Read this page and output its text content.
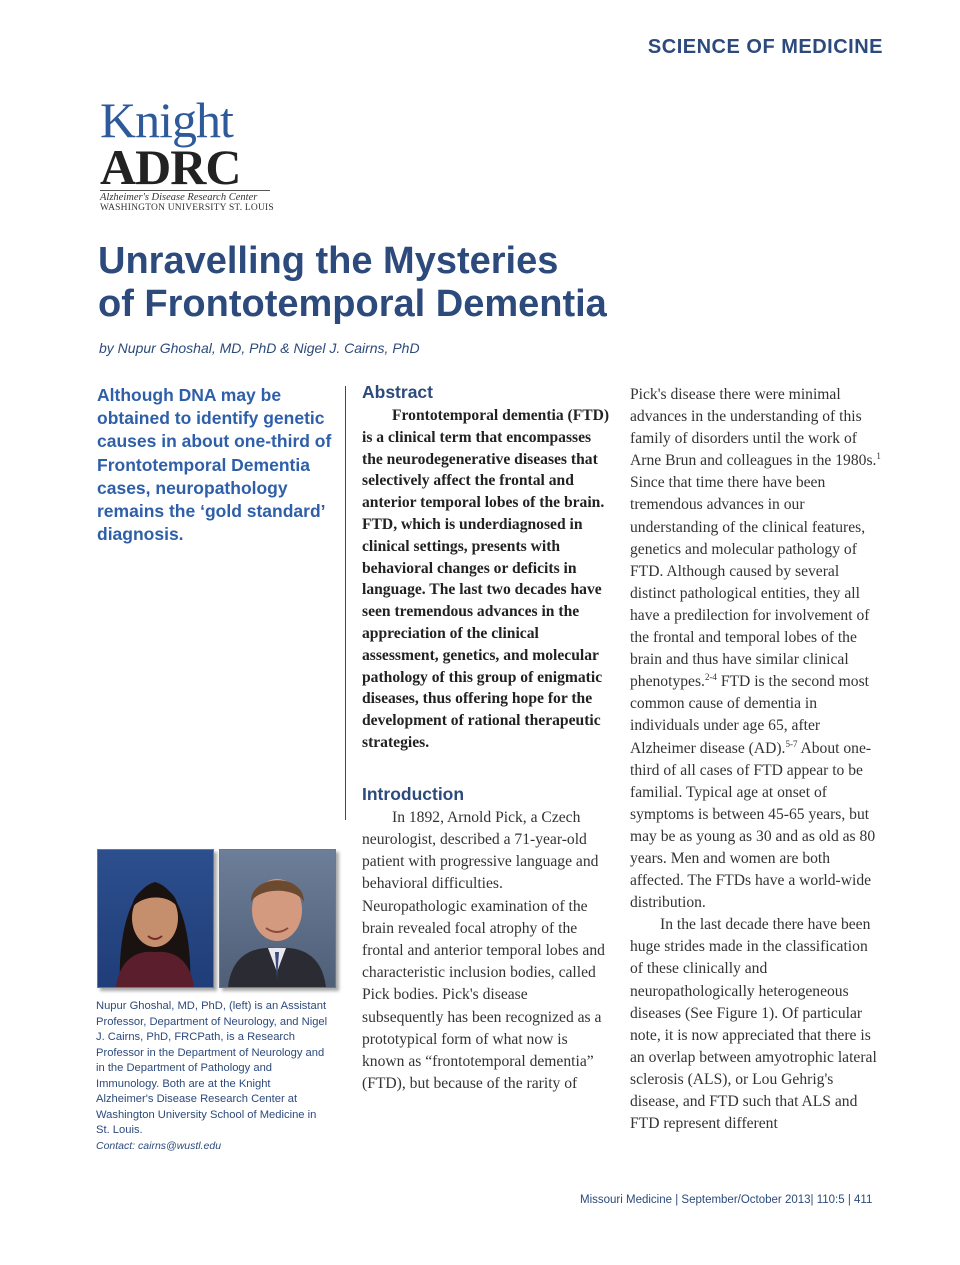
SCIENCE OF MEDICINE
Knight
ADRC
Alzheimer's Disease Research Center
WASHINGTON UNIVERSITY ST. LOUIS
Unravelling the Mysteries
of Frontotemporal Dementia
by Nupur Ghoshal, MD, PhD & Nigel J. Cairns, PhD
Although DNA may be obtained to identify genetic causes in about one-third of Frontotemporal Dementia cases, neuropathology remains the ‘gold standard’ diagnosis.
Nupur Ghoshal, MD, PhD, (left) is an Assistant Professor, Department of Neurology, and Nigel J. Cairns, PhD, FRCPath, is a Research Professor in the Department of Neurology and in the Department of Pathology and Immunology. Both are at the Knight Alzheimer's Disease Research Center at Washington University School of Medicine in St. Louis.
Contact: cairns@wustl.edu
Abstract

Frontotemporal dementia (FTD) is a clinical term that encompasses the neurodegenerative diseases that selectively affect the frontal and anterior temporal lobes of the brain. FTD, which is underdiagnosed in clinical settings, presents with behavioral changes or deficits in language. The last two decades have seen tremendous advances in the appreciation of the clinical assessment, genetics, and molecular pathology of this group of enigmatic diseases, thus offering hope for the development of rational therapeutic strategies.

Introduction

In 1892, Arnold Pick, a Czech neurologist, described a 71-year-old patient with progressive language and behavioral difficulties. Neuropathologic examination of the brain revealed focal atrophy of the frontal and anterior temporal lobes and characteristic inclusion bodies, called Pick bodies. Pick's disease subsequently has been recognized as a prototypical form of what now is known as “frontotemporal dementia” (FTD), but because of the rarity of

Pick's disease there were minimal advances in the understanding of this family of disorders until the work of Arne Brun and colleagues in the 1980s.$^1$ Since that time there have been tremendous advances in our understanding of the clinical features, genetics and molecular pathology of FTD. Although caused by several distinct pathological entities, they all have a predilection for involvement of the frontal and temporal lobes of the brain and thus have similar clinical phenotypes.$^{2-4}$ FTD is the second most common cause of dementia in individuals under age 65, after Alzheimer disease (AD).$^{5-7}$ About one-third of all cases of FTD appear to be familial. Typical age at onset of symptoms is between 45-65 years, but may be as young as 30 and as old as 80 years. Men and women are both affected. The FTDs have a world-wide distribution.

In the last decade there have been huge strides made in the classification of these clinically and neuropathologically heterogeneous diseases (See Figure 1). Of particular note, it is now appreciated that there is an overlap between amyotrophic lateral sclerosis (ALS), or Lou Gehrig's disease, and FTD such that ALS and FTD represent different

Missouri Medicine | September/October 2013| 110:5 | 411
